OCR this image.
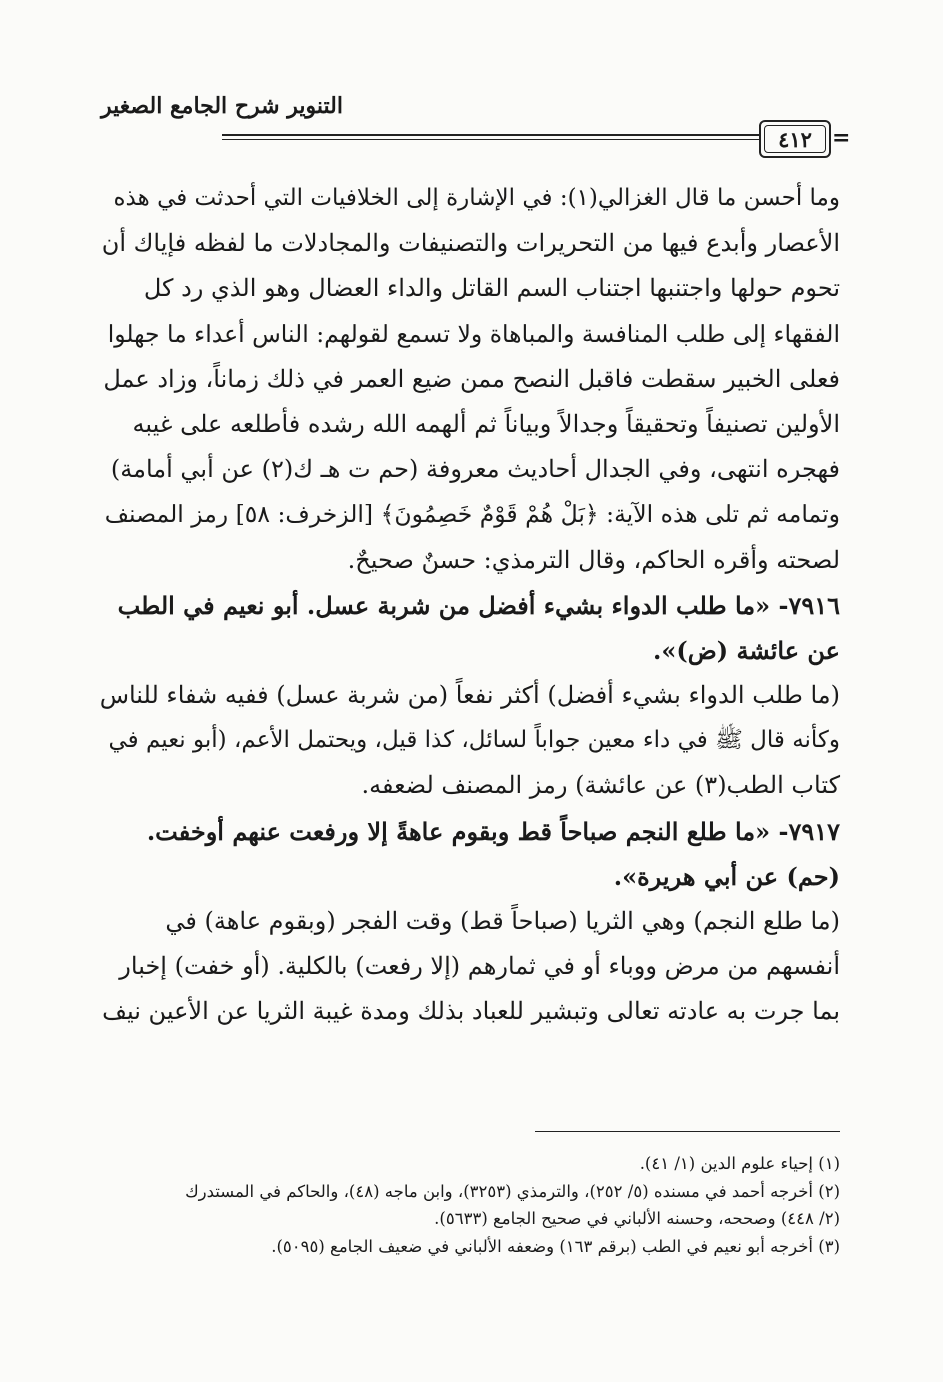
التنوير شرح الجامع الصغير
٤١٢ =
وما أحسن ما قال الغزالي(١): في الإشارة إلى الخلافيات التي أحدثت في هذه
الأعصار وأبدع فيها من التحريرات والتصنيفات والمجادلات ما لفظه فإياك أن
تحوم حولها واجتنبها اجتناب السم القاتل والداء العضال وهو الذي رد كل
الفقهاء إلى طلب المنافسة والمباهاة ولا تسمع لقولهم: الناس أعداء ما جهلوا
فعلى الخبير سقطت فاقبل النصح ممن ضيع العمر في ذلك زماناً، وزاد عمل
الأولين تصنيفاً وتحقيقاً وجدالاً وبياناً ثم ألهمه الله رشده فأطلعه على غيبه
فهجره انتهى، وفي الجدال أحاديث معروفة (حم ت هـ ك(٢) عن أبي أمامة)
وتمامه ثم تلى هذه الآية: ﴿بَلْ هُمْ قَوْمٌ خَصِمُونَ﴾ [الزخرف: ٥٨] رمز المصنف
لصحته وأقره الحاكم، وقال الترمذي: حسنٌ صحيحٌ.
٧٩١٦- «ما طلب الدواء بشيء أفضل من شربة عسل. أبو نعيم في الطب
عن عائشة (ض)».
(ما طلب الدواء بشيء أفضل) أكثر نفعاً (من شربة عسل) ففيه شفاء للناس
وكأنه قال ﷺ في داء معين جواباً لسائل، كذا قيل، ويحتمل الأعم، (أبو نعيم في
كتاب الطب(٣) عن عائشة) رمز المصنف لضعفه.
٧٩١٧- «ما طلع النجم صباحاً قط وبقوم عاهةً إلا ورفعت عنهم أوخفت.
(حم) عن أبي هريرة».
(ما طلع النجم) وهي الثريا (صباحاً قط) وقت الفجر (وبقوم عاهة) في
أنفسهم من مرض ووباء أو في ثمارهم (إلا رفعت) بالكلية. (أو خفت) إخبار
بما جرت به عادته تعالى وتبشير للعباد بذلك ومدة غيبة الثريا عن الأعين نيف
(١) إحياء علوم الدين (١/ ٤١).
(٢) أخرجه أحمد في مسنده (٥/ ٢٥٢)، والترمذي (٣٢٥٣)، وابن ماجه (٤٨)، والحاكم في المستدرك
(٢/ ٤٤٨) وصححه، وحسنه الألباني في صحيح الجامع (٥٦٣٣).
(٣) أخرجه أبو نعيم في الطب (برقم ١٦٣) وضعفه الألباني في ضعيف الجامع (٥٠٩٥).
